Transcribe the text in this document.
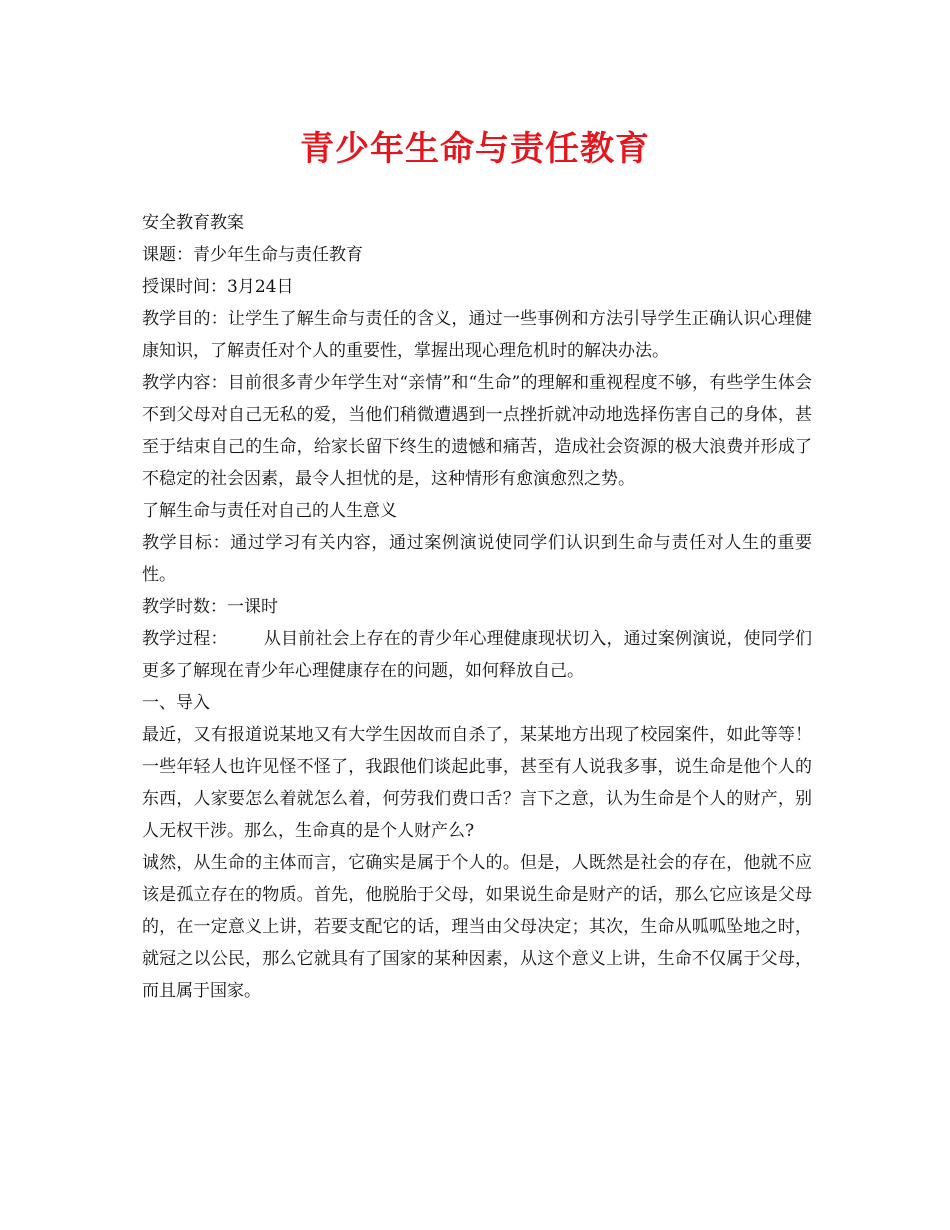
青少年生命与责任教育

安全教育教案

课题：青少年生命与责任教育

授课时间：3月24日

教学目的：让学生了解生命与责任的含义，通过一些事例和方法引导学生正确认识心理健康知识，了解责任对个人的重要性，掌握出现心理危机时的解决办法。

教学内容：目前很多青少年学生对“亲情”和“生命”的理解和重视程度不够，有些学生体会不到父母对自己无私的爱，当他们稍微遭遇到一点挫折就冲动地选择伤害自己的身体，甚至于结束自己的生命，给家长留下终生的遗憾和痛苦，造成社会资源的极大浪费并形成了不稳定的社会因素，最令人担忧的是，这种情形有愈演愈烈之势。

了解生命与责任对自己的人生意义

教学目标：通过学习有关内容，通过案例演说使同学们认识到生命与责任对人生的重要性。

教学时数：一课时

教学过程： 从目前社会上存在的青少年心理健康现状切入，通过案例演说，使同学们更多了解现在青少年心理健康存在的问题，如何释放自己。

一、导入

最近，又有报道说某地又有大学生因故而自杀了，某某地方出现了校园案件，如此等等！一些年轻人也许见怪不怪了，我跟他们谈起此事，甚至有人说我多事，说生命是他个人的东西，人家要怎么着就怎么着，何劳我们费口舌？言下之意，认为生命是个人的财产，别人无权干涉。那么，生命真的是个人财产么?

诚然，从生命的主体而言，它确实是属于个人的。但是，人既然是社会的存在，他就不应该是孤立存在的物质。首先，他脱胎于父母，如果说生命是财产的话，那么它应该是父母的，在一定意义上讲，若要支配它的话，理当由父母决定；其次，生命从呱呱坠地之时，就冠之以公民，那么它就具有了国家的某种因素，从这个意义上讲，生命不仅属于父母，而且属于国家。
